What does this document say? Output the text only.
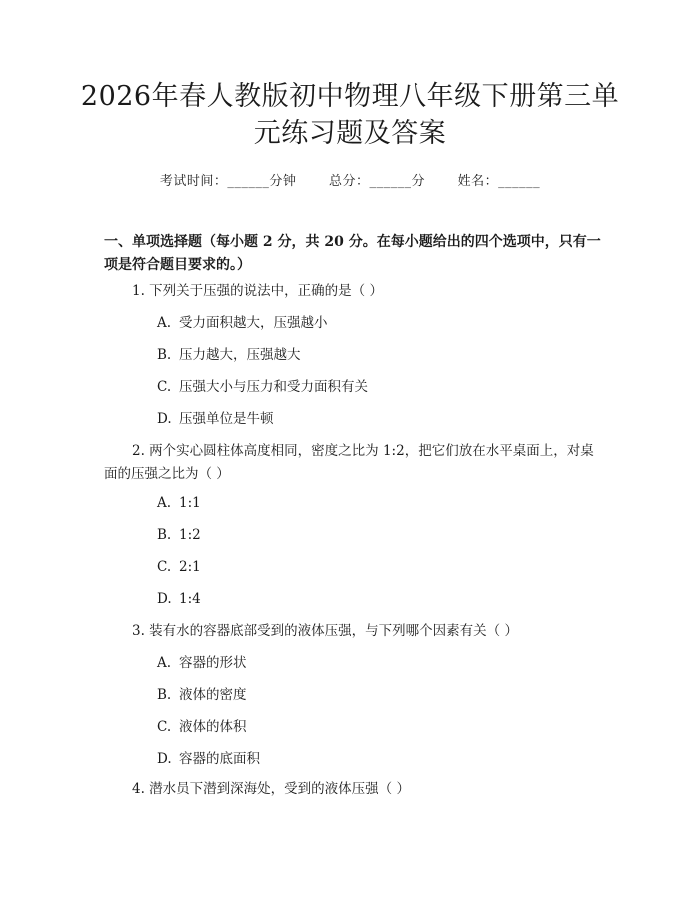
2026年春人教版初中物理八年级下册第三单元练习题及答案
考试时间：______分钟	总分：______分	姓名：______
一、单项选择题（每小题 2 分，共 20 分。在每小题给出的四个选项中，只有一项是符合题目要求的。）
1. 下列关于压强的说法中，正确的是（ ）
A. 受力面积越大，压强越小
B. 压力越大，压强越大
C. 压强大小与压力和受力面积有关
D. 压强单位是牛顿
2. 两个实心圆柱体高度相同，密度之比为 1:2，把它们放在水平桌面上，对桌面的压强之比为（ ）
A. 1:1
B. 1:2
C. 2:1
D. 1:4
3. 装有水的容器底部受到的液体压强，与下列哪个因素有关（ ）
A. 容器的形状
B. 液体的密度
C. 液体的体积
D. 容器的底面积
4. 潜水员下潜到深海处，受到的液体压强（ ）
